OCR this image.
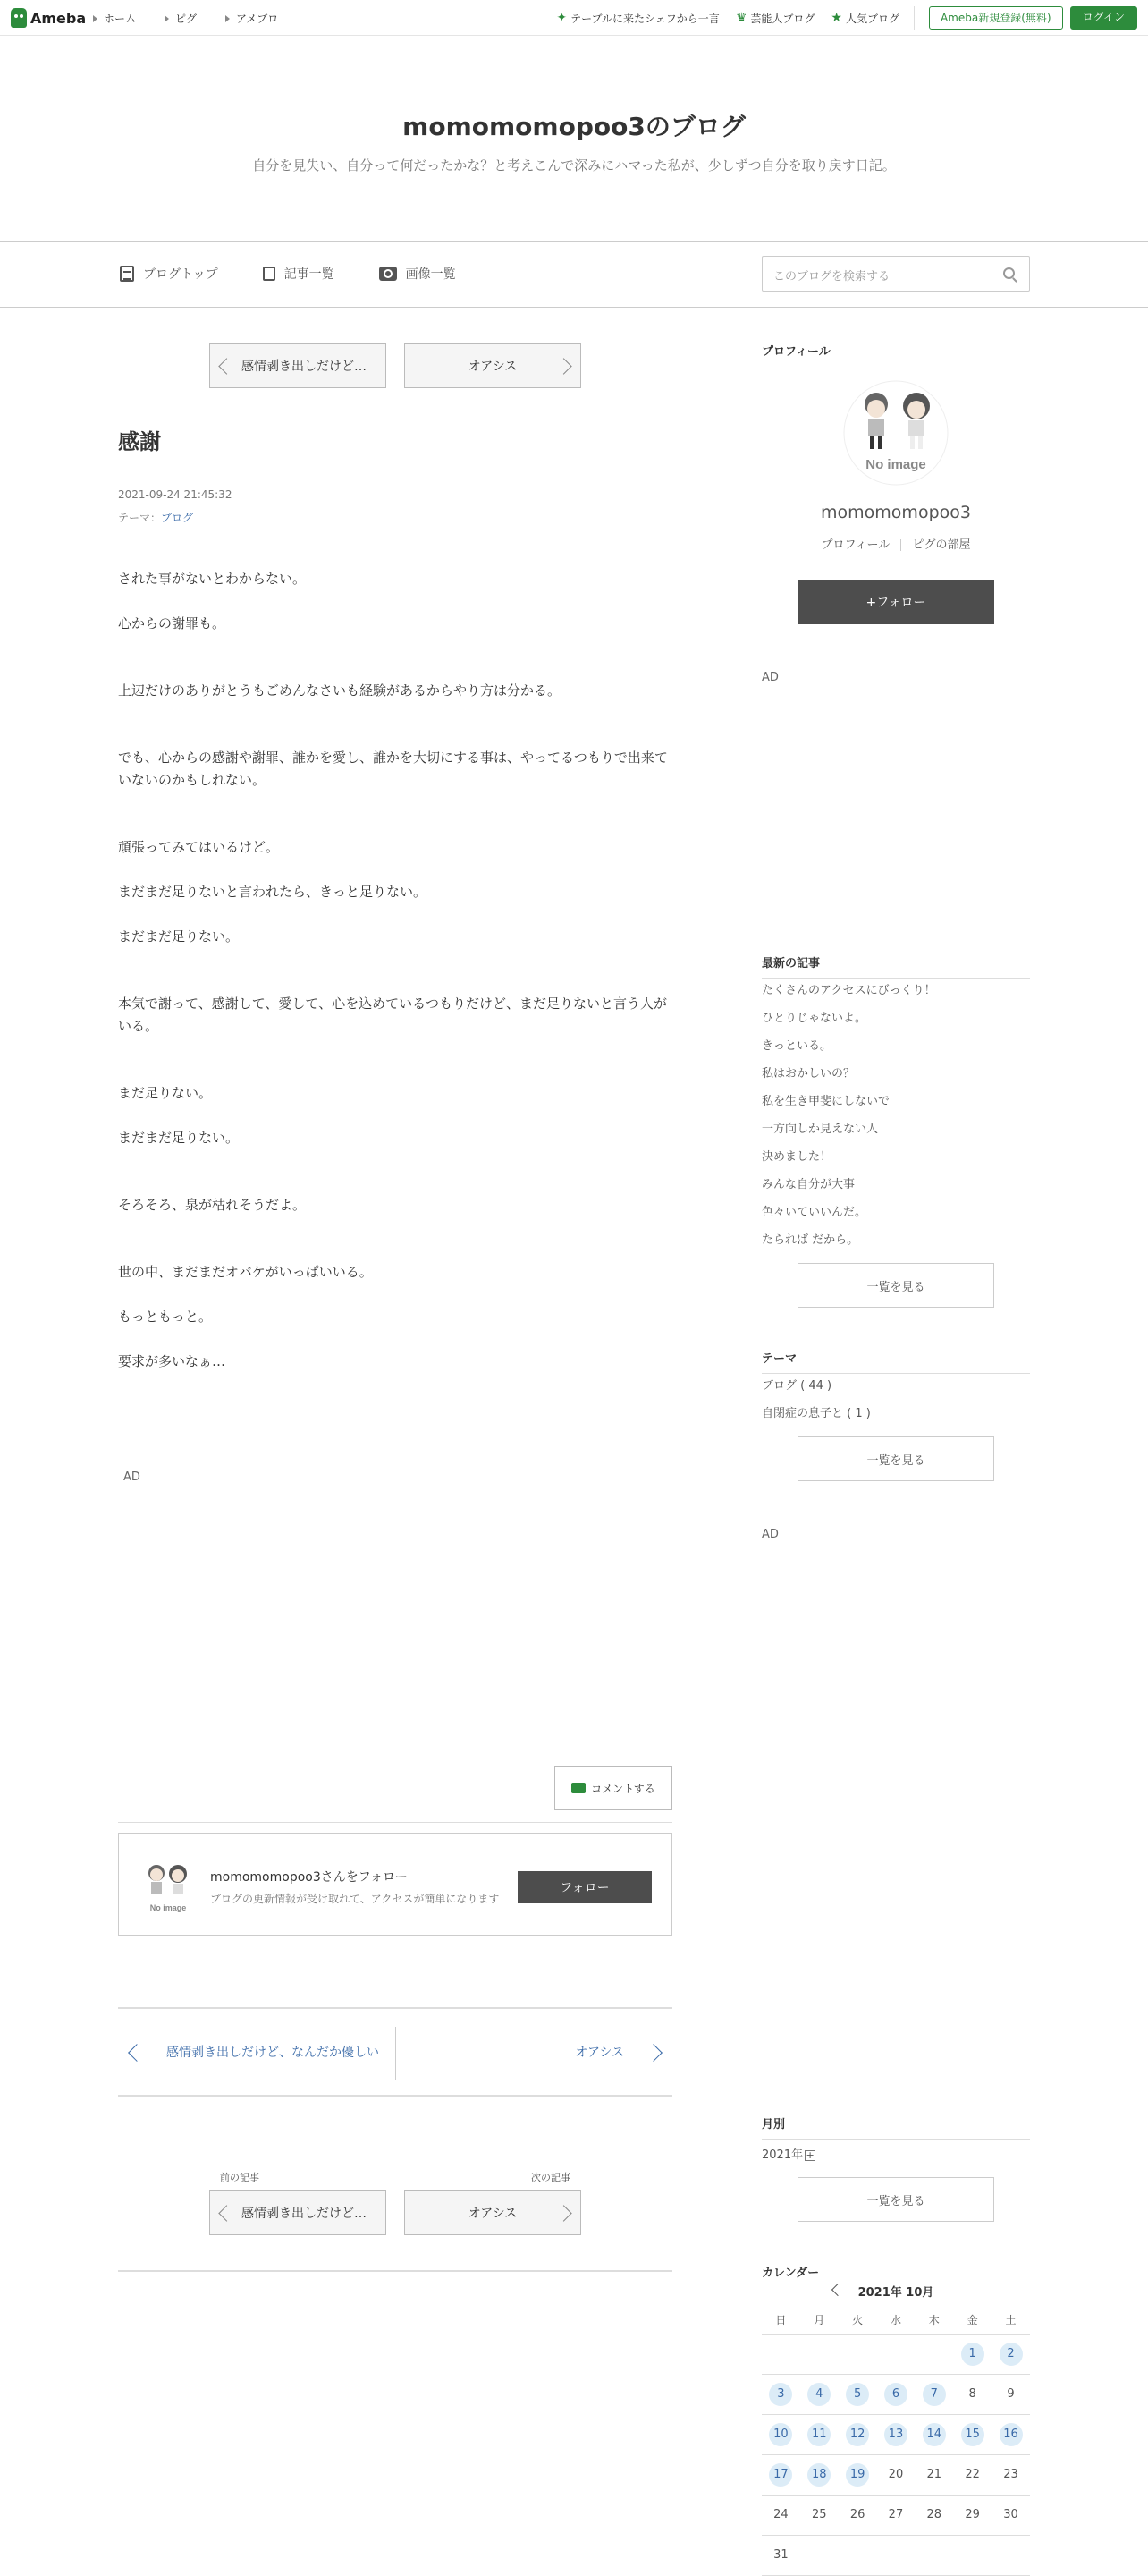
Ameba	ホーム	ピグ	アメブロ	✦ テーブルに来たシェフから一言 ♛ 芸能人ブログ ★ 人気ブログ	Ameba新規登録(無料)	ログイン
momomomopoo3のブログ

自分を見失い、自分って何だったかな？と考えこんで深みにハマった私が、少しずつ自分を取り戻す日記。

ブログトップ	記事一覧	画像一覧	このブログを検索する
感情剥き出しだけど…	オアシス
感謝
2021-09-24 21:45:32
テーマ：ブログ

された事がないとわからない。

心からの謝罪も。

上辺だけのありがとうもごめんなさいも経験があるからやり方は分かる。

でも、心からの感謝や謝罪、誰かを愛し、誰かを大切にする事は、やってるつもりで出来ていないのかもしれない。

頑張ってみてはいるけど。

まだまだ足りないと言われたら、きっと足りない。

まだまだ足りない。

本気で謝って、感謝して、愛して、心を込めているつもりだけど、まだ足りないと言う人がいる。

まだ足りない。

まだまだ足りない。

そろそろ、泉が枯れそうだよ。

世の中、まだまだオバケがいっぱいいる。

もっともっと。

要求が多いなぁ…

AD
コメントする
No image
momomomopoo3さんをフォロー
ブログの更新情報が受け取れて、アクセスが簡単になります
フォロー
感情剥き出しだけど、なんだか優しい	オアシス
前の記事	次の記事
感情剥き出しだけど…	オアシス
プロフィール
No image
momomomopoo3
プロフィール ピグの部屋
+フォロー
AD
最新の記事
たくさんのアクセスにびっくり！
ひとりじゃないよ。
きっといる。
私はおかしいの？
私を生き甲斐にしないで
一方向しか見えない人
決めました！
みんな自分が大事
色々いていいんだ。
たられば だから。
一覧を見る
テーマ
ブログ ( 44 )
自閉症の息子と ( 1 )
一覧を見る
AD
月別
2021年 +
一覧を見る
カレンダー
2021年 10月
日	月	火	水	木	金	土
					1	2
3	4	5	6	7	8	9
10	11	12	13	14	15	16
17	18	19	20	21	22	23
24	25	26	27	28	29	30
31						
